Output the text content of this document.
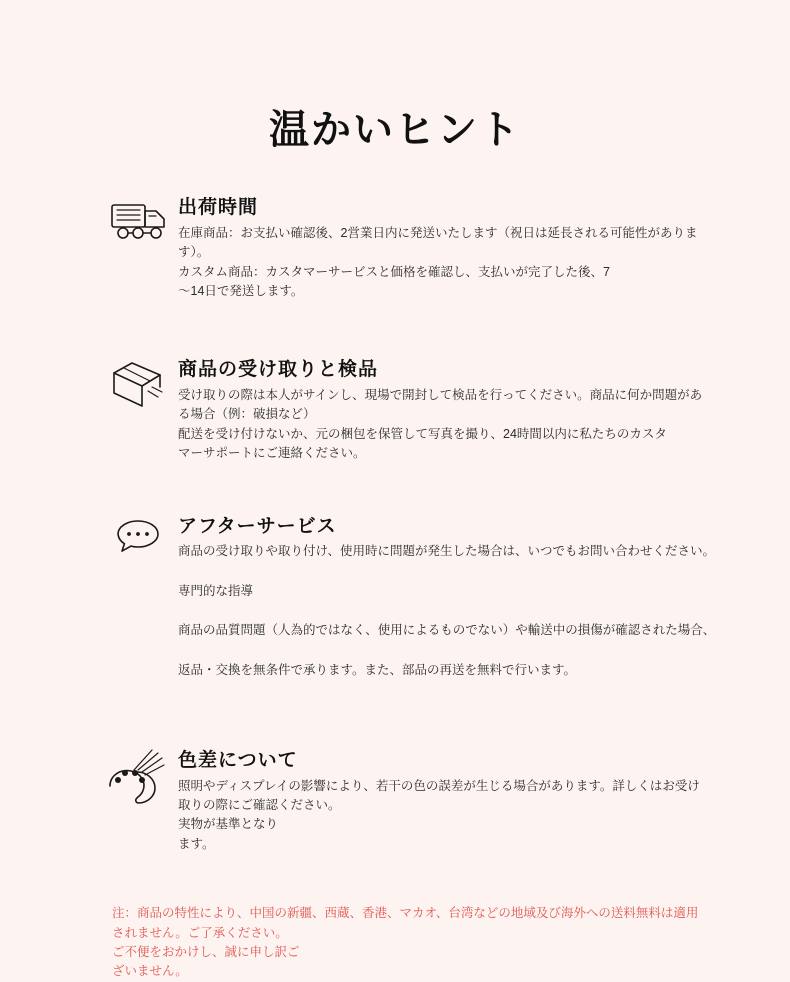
温かいヒント
出荷時間

在庫商品：お支払い確認後、2営業日内に発送いたします（祝日は延長される可能性があります）。

カスタム商品：カスタマーサービスと価格を確認し、支払いが完了した後、7

〜14日で発送します。

商品の受け取りと検品

受け取りの際は本人がサインし、現場で開封して検品を行ってください。商品に何か問題があ

る場合（例：破損など）

配送を受け付けないか、元の梱包を保管して写真を撮り、24時間以内に私たちのカスタ

マーサポートにご連絡ください。

アフターサービス

商品の受け取りや取り付け、使用時に問題が発生した場合は、いつでもお問い合わせください。

専門的な指導

商品の品質問題（人為的ではなく、使用によるものでない）や輸送中の損傷が確認された場合、

返品・交換を無条件で承ります。また、部品の再送を無料で行います。

色差について

照明やディスプレイの影響により、若干の色の誤差が生じる場合があります。詳しくはお受け

取りの際にご確認ください。

実物が基準となり

ます。

注：商品の特性により、中国の新疆、西蔵、香港、マカオ、台湾などの地域及び海外への送料無料は適用

されません。ご了承ください。

ご不便をおかけし、誠に申し訳ご

ざいません。
